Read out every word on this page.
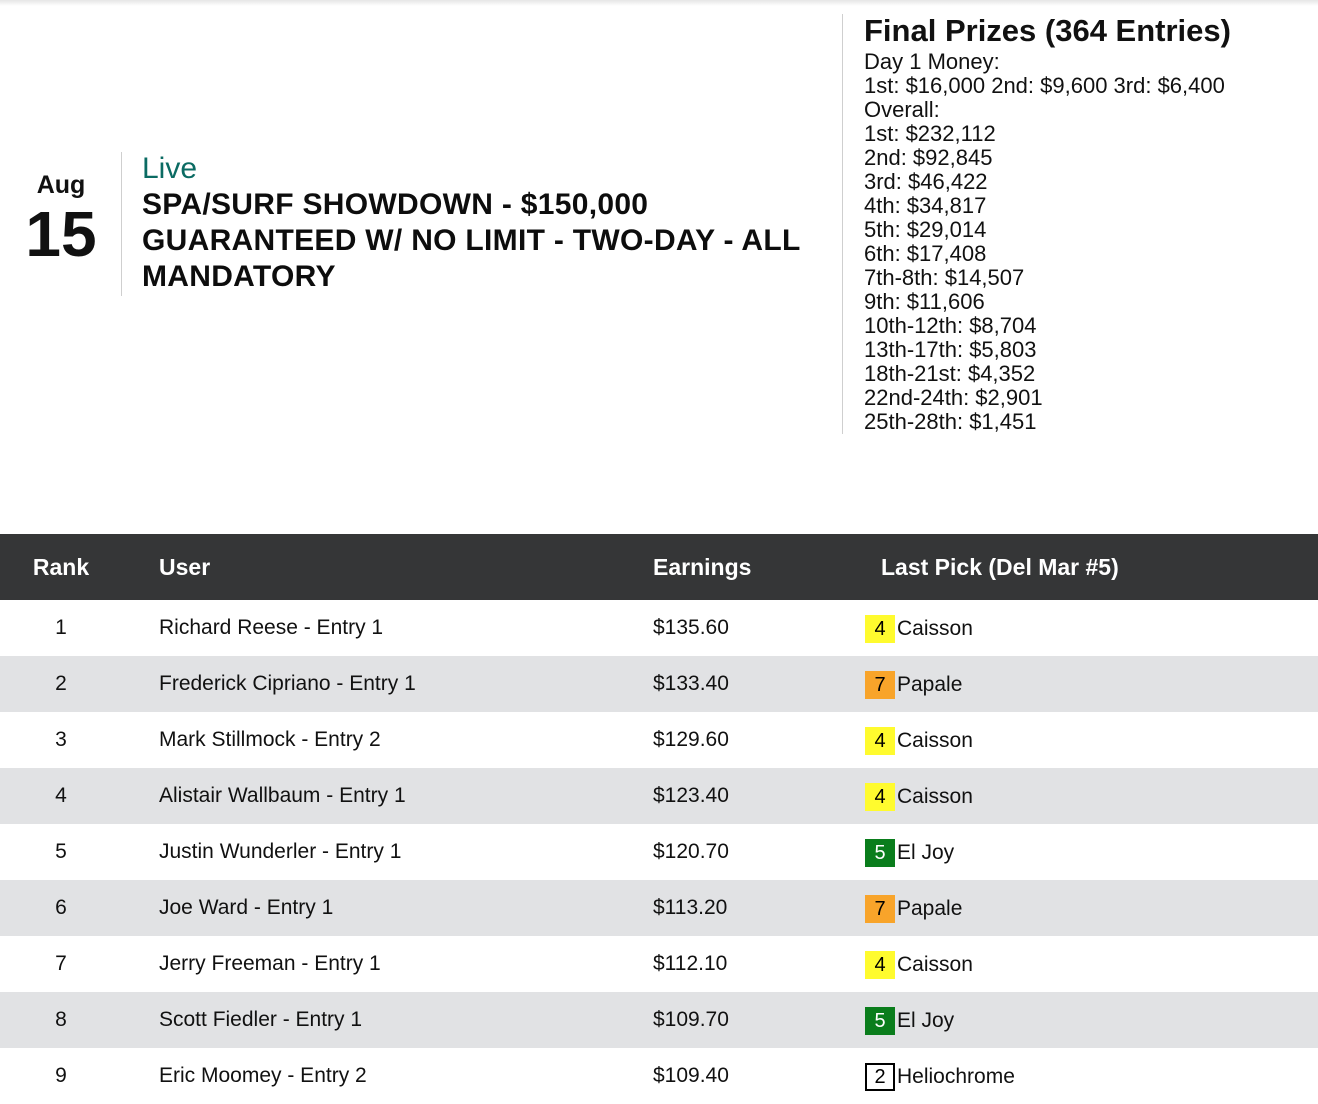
Aug
15
Live
SPA/SURF SHOWDOWN - $150,000 GUARANTEED W/ NO LIMIT - TWO-DAY - ALL MANDATORY
Final Prizes (364 Entries)
Day 1 Money:
1st: $16,000 2nd: $9,600 3rd: $6,400
Overall:
1st: $232,112
2nd: $92,845
3rd: $46,422
4th: $34,817
5th: $29,014
6th: $17,408
7th-8th: $14,507
9th: $11,606
10th-12th: $8,704
13th-17th: $5,803
18th-21st: $4,352
22nd-24th: $2,901
25th-28th: $1,451
Rank	User	Earnings	Last Pick (Del Mar #5)
1	Richard Reese - Entry 1	$135.60	4 Caisson
2	Frederick Cipriano - Entry 1	$133.40	7 Papale
3	Mark Stillmock - Entry 2	$129.60	4 Caisson
4	Alistair Wallbaum - Entry 1	$123.40	4 Caisson
5	Justin Wunderler - Entry 1	$120.70	5 El Joy
6	Joe Ward - Entry 1	$113.20	7 Papale
7	Jerry Freeman - Entry 1	$112.10	4 Caisson
8	Scott Fiedler - Entry 1	$109.70	5 El Joy
9	Eric Moomey - Entry 2	$109.40	2 Heliochrome
